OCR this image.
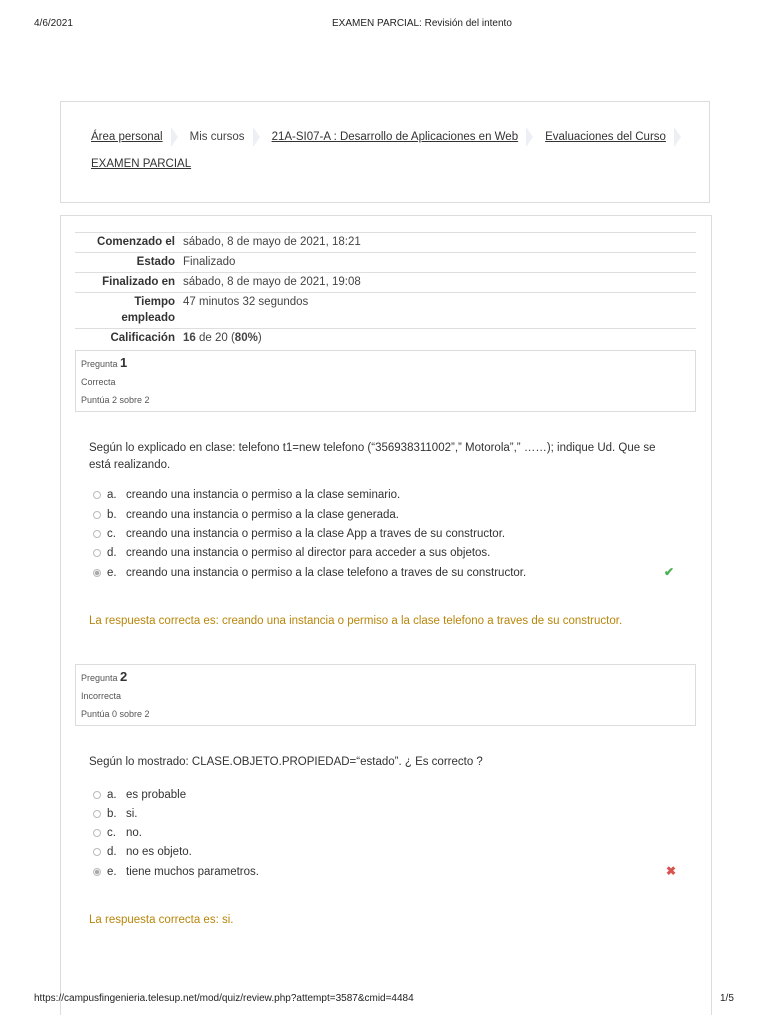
4/6/2021	EXAMEN PARCIAL: Revisión del intento
Área personal Mis cursos 21A-SI07-A : Desarrollo de Aplicaciones en Web Evaluaciones del Curso
EXAMEN PARCIAL
Comenzado el	sábado, 8 de mayo de 2021, 18:21
Estado	Finalizado
Finalizado en	sábado, 8 de mayo de 2021, 19:08
Tiempo empleado	47 minutos 32 segundos
Calificación	16 de 20 (80%)
Pregunta 1
Correcta
Puntúa 2 sobre 2
Según lo explicado en clase: telefono t1=new telefono (“356938311002”,” Motorola”,” ……); indique Ud. Que se está realizando.
a. creando una instancia o permiso a la clase seminario.
b. creando una instancia o permiso a la clase generada.
c. creando una instancia o permiso a la clase App a traves de su constructor.
d. creando una instancia o permiso al director para acceder a sus objetos.
e. creando una instancia o permiso a la clase telefono a traves de su constructor.	✔
La respuesta correcta es: creando una instancia o permiso a la clase telefono a traves de su constructor.
Pregunta 2
Incorrecta
Puntúa 0 sobre 2
Según lo mostrado: CLASE.OBJETO.PROPIEDAD=“estado”. ¿ Es correcto ?
a. es probable
b. si.
c. no.
d. no es objeto.
e. tiene muchos parametros.	✖
La respuesta correcta es: si.
https://campusfingenieria.telesup.net/mod/quiz/review.php?attempt=3587&cmid=4484	1/5
